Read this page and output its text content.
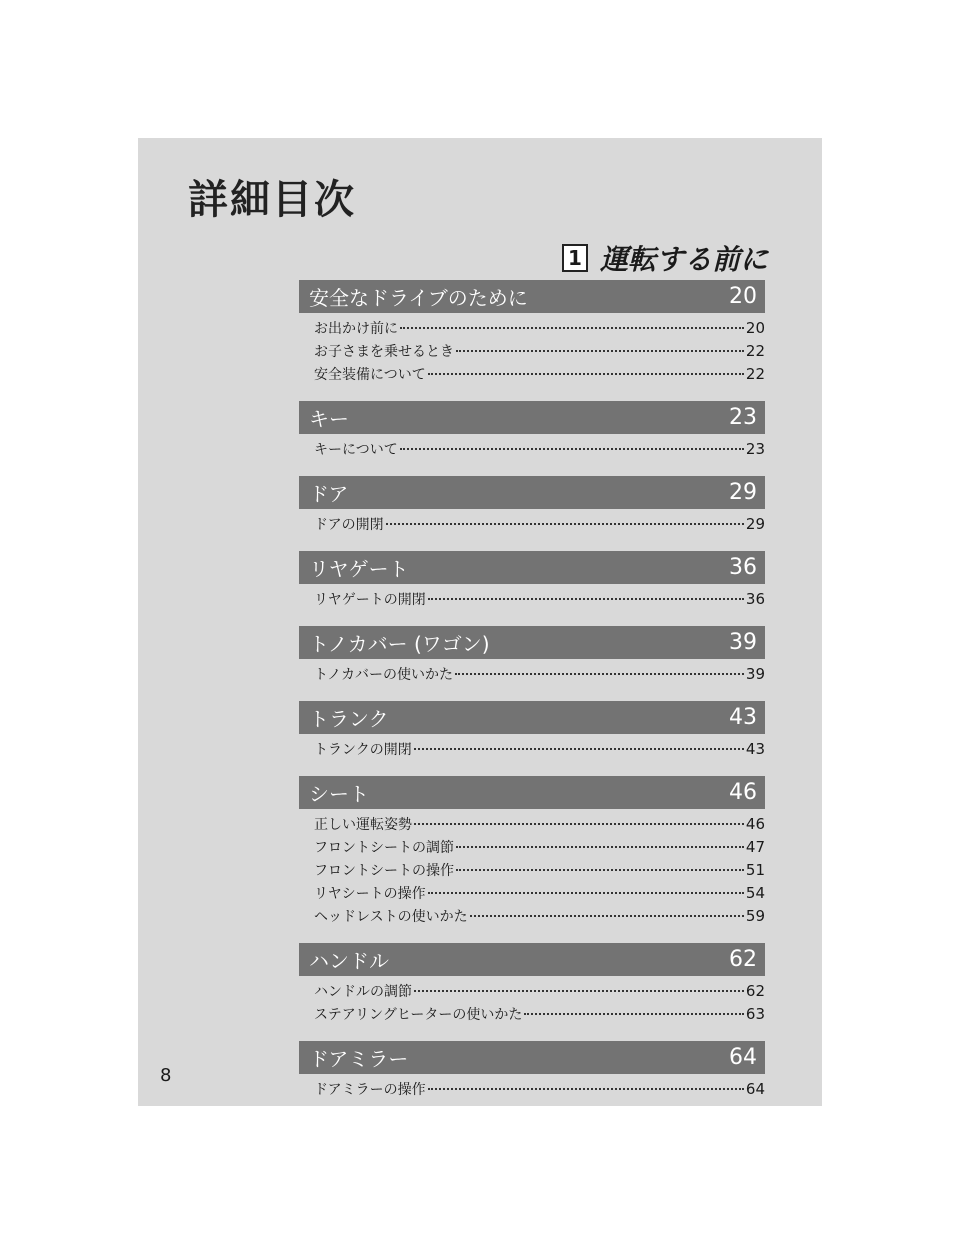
詳細目次
1 運転する前に
安全なドライブのために	20
お出かけ前に	20
お子さまを乗せるとき	22
安全装備について	22
キー	23
キーについて	23
ドア	29
ドアの開閉	29
リヤゲート	36
リヤゲートの開閉	36
トノカバー (ワゴン)	39
トノカバーの使いかた	39
トランク	43
トランクの開閉	43
シート	46
正しい運転姿勢	46
フロントシートの調節	47
フロントシートの操作	51
リヤシートの操作	54
ヘッドレストの使いかた	59
ハンドル	62
ハンドルの調節	62
ステアリングヒーターの使いかた	63
ドアミラー	64
ドアミラーの操作	64
8
